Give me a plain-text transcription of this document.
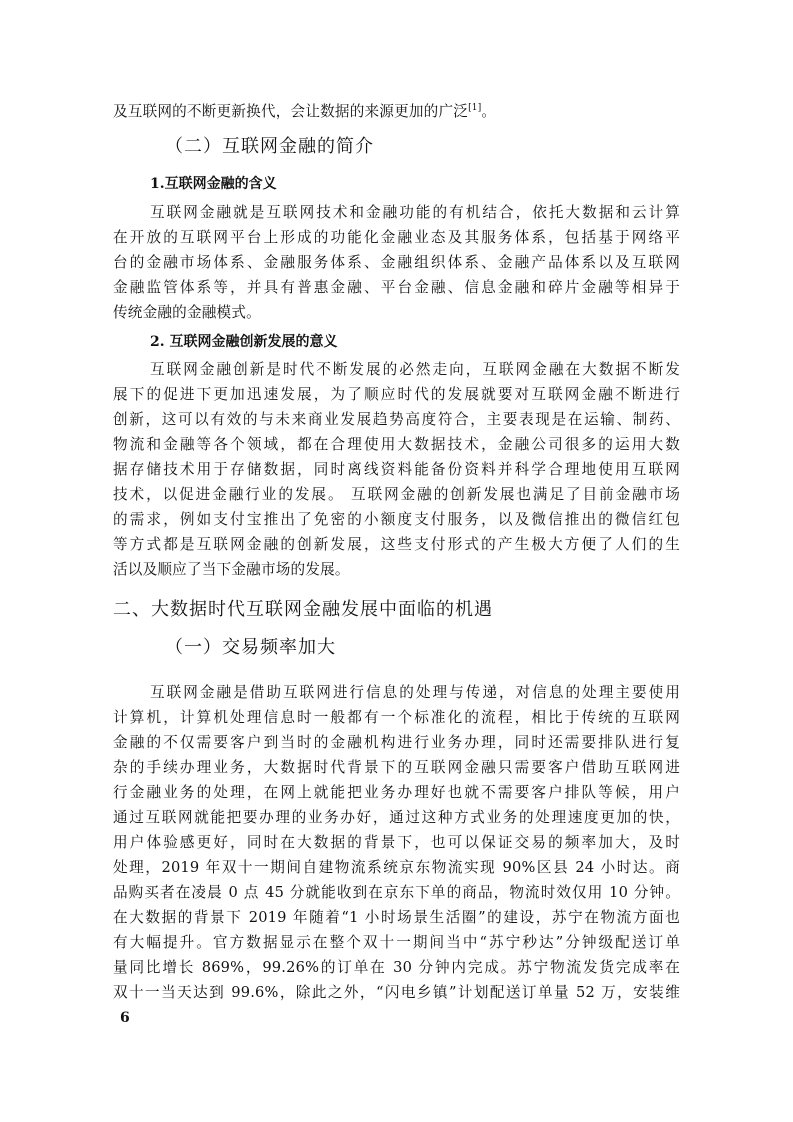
及互联网的不断更新换代，会让数据的来源更加的广泛[1]。
（二）互联网金融的简介
1.互联网金融的含义
互联网金融就是互联网技术和金融功能的有机结合，依托大数据和云计算
在开放的互联网平台上形成的功能化金融业态及其服务体系，包括基于网络平
台的金融市场体系、金融服务体系、金融组织体系、金融产品体系以及互联网
金融监管体系等，并具有普惠金融、平台金融、信息金融和碎片金融等相异于
传统金融的金融模式。
2. 互联网金融创新发展的意义
互联网金融创新是时代不断发展的必然走向，互联网金融在大数据不断发
展下的促进下更加迅速发展，为了顺应时代的发展就要对互联网金融不断进行
创新，这可以有效的与未来商业发展趋势高度符合，主要表现是在运输、制药、
物流和金融等各个领域，都在合理使用大数据技术，金融公司很多的运用大数
据存储技术用于存储数据，同时离线资料能备份资料并科学合理地使用互联网
技术，以促进金融行业的发展。 互联网金融的创新发展也满足了目前金融市场
的需求，例如支付宝推出了免密的小额度支付服务，以及微信推出的微信红包
等方式都是互联网金融的创新发展，这些支付形式的产生极大方便了人们的生
活以及顺应了当下金融市场的发展。
二、大数据时代互联网金融发展中面临的机遇
（一）交易频率加大
互联网金融是借助互联网进行信息的处理与传递，对信息的处理主要使用
计算机，计算机处理信息时一般都有一个标准化的流程，相比于传统的互联网
金融的不仅需要客户到当时的金融机构进行业务办理，同时还需要排队进行复
杂的手续办理业务，大数据时代背景下的互联网金融只需要客户借助互联网进
行金融业务的处理，在网上就能把业务办理好也就不需要客户排队等候，用户
通过互联网就能把要办理的业务办好，通过这种方式业务的处理速度更加的快，
用户体验感更好，同时在大数据的背景下，也可以保证交易的频率加大，及时
处理，2019 年双十一期间自建物流系统京东物流实现 90%区县 24 小时达。商
品购买者在凌晨 0 点 45 分就能收到在京东下单的商品，物流时效仅用 10 分钟。
在大数据的背景下 2019 年随着“1 小时场景生活圈”的建设，苏宁在物流方面也
有大幅提升。官方数据显示在整个双十一期间当中“苏宁秒达”分钟级配送订单
量同比增长 869%，99.26%的订单在 30 分钟内完成。苏宁物流发货完成率在
双十一当天达到 99.6%，除此之外，“闪电乡镇”计划配送订单量 52 万，安装维
6
